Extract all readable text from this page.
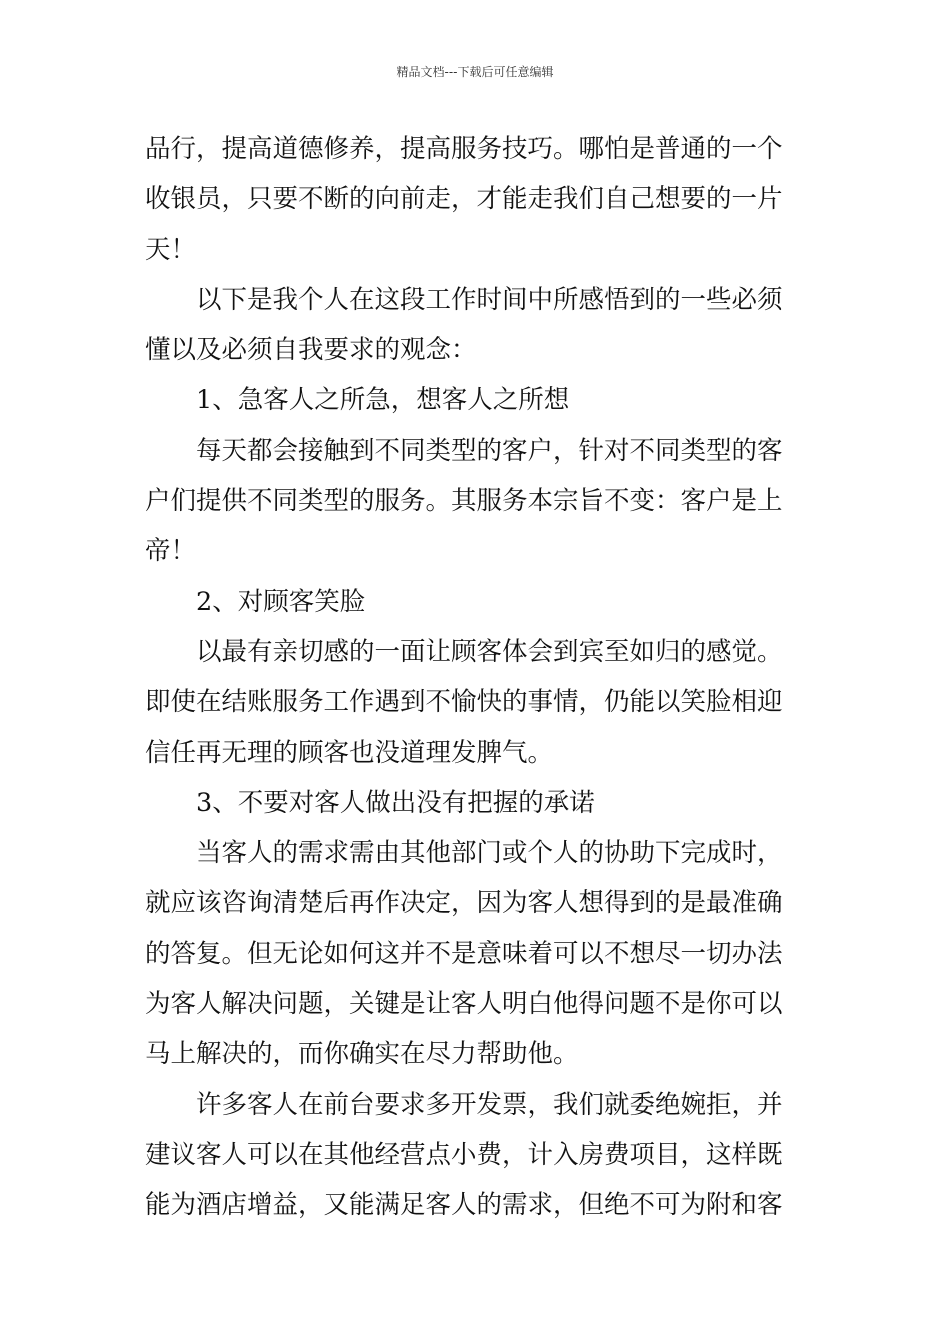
精品文档---下载后可任意编辑
品行，提高道德修养，提高服务技巧。哪怕是普通的一个
收银员，只要不断的向前走，才能走我们自己想要的一片
天！
以下是我个人在这段工作时间中所感悟到的一些必须
懂以及必须自我要求的观念：
1、急客人之所急，想客人之所想
每天都会接触到不同类型的客户，针对不同类型的客
户们提供不同类型的服务。其服务本宗旨不变：客户是上
帝！
2、对顾客笑脸
以最有亲切感的一面让顾客体会到宾至如归的感觉。
即使在结账服务工作遇到不愉快的事情，仍能以笑脸相迎
信任再无理的顾客也没道理发脾气。
3、不要对客人做出没有把握的承诺
当客人的需求需由其他部门或个人的协助下完成时，
就应该咨询清楚后再作决定，因为客人想得到的是最准确
的答复。但无论如何这并不是意味着可以不想尽一切办法
为客人解决问题，关键是让客人明白他得问题不是你可以
马上解决的，而你确实在尽力帮助他。
许多客人在前台要求多开发票，我们就委绝婉拒，并
建议客人可以在其他经营点小费，计入房费项目，这样既
能为酒店增益，又能满足客人的需求，但绝不可为附和客
